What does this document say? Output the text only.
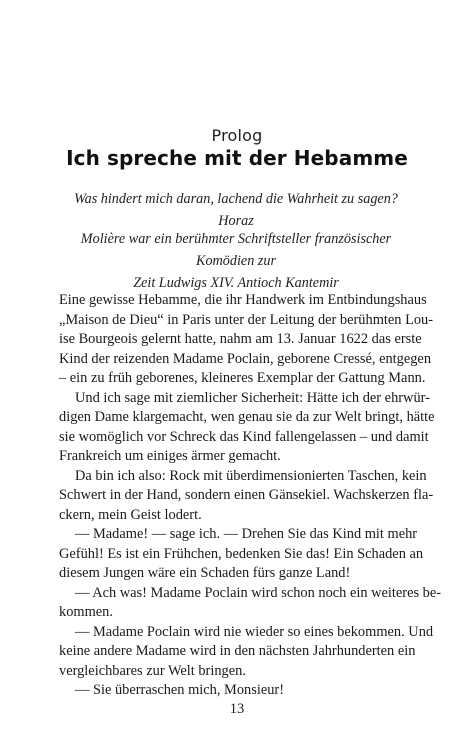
Prolog
Ich spreche mit der Hebamme
Was hindert mich daran, lachend die Wahrheit zu sagen? Horaz
Molière war ein berühmter Schriftsteller französischer Komödien zur
Zeit Ludwigs XIV. Antioch Kantemir
Eine gewisse Hebamme, die ihr Handwerk im Entbindungshaus
„Maison de Dieu“ in Paris unter der Leitung der berühmten Lou-
ise Bourgeois gelernt hatte, nahm am 13. Januar 1622 das erste
Kind der reizenden Madame Poclain, geborene Cressé, entgegen
– ein zu früh geborenes, kleineres Exemplar der Gattung Mann.
Und ich sage mit ziemlicher Sicherheit: Hätte ich der ehrwür-
digen Dame klargemacht, wen genau sie da zur Welt bringt, hätte
sie womöglich vor Schreck das Kind fallengelassen – und damit
Frankreich um einiges ärmer gemacht.
Da bin ich also: Rock mit überdimensionierten Taschen, kein
Schwert in der Hand, sondern einen Gänsekiel. Wachskerzen fla-
ckern, mein Geist lodert.
— Madame! — sage ich. — Drehen Sie das Kind mit mehr
Gefühl! Es ist ein Frühchen, bedenken Sie das! Ein Schaden an
diesem Jungen wäre ein Schaden fürs ganze Land!
— Ach was! Madame Poclain wird schon noch ein weiteres be-
kommen.
— Madame Poclain wird nie wieder so eines bekommen. Und
keine andere Madame wird in den nächsten Jahrhunderten ein
vergleichbares zur Welt bringen.
— Sie überraschen mich, Monsieur!
13
